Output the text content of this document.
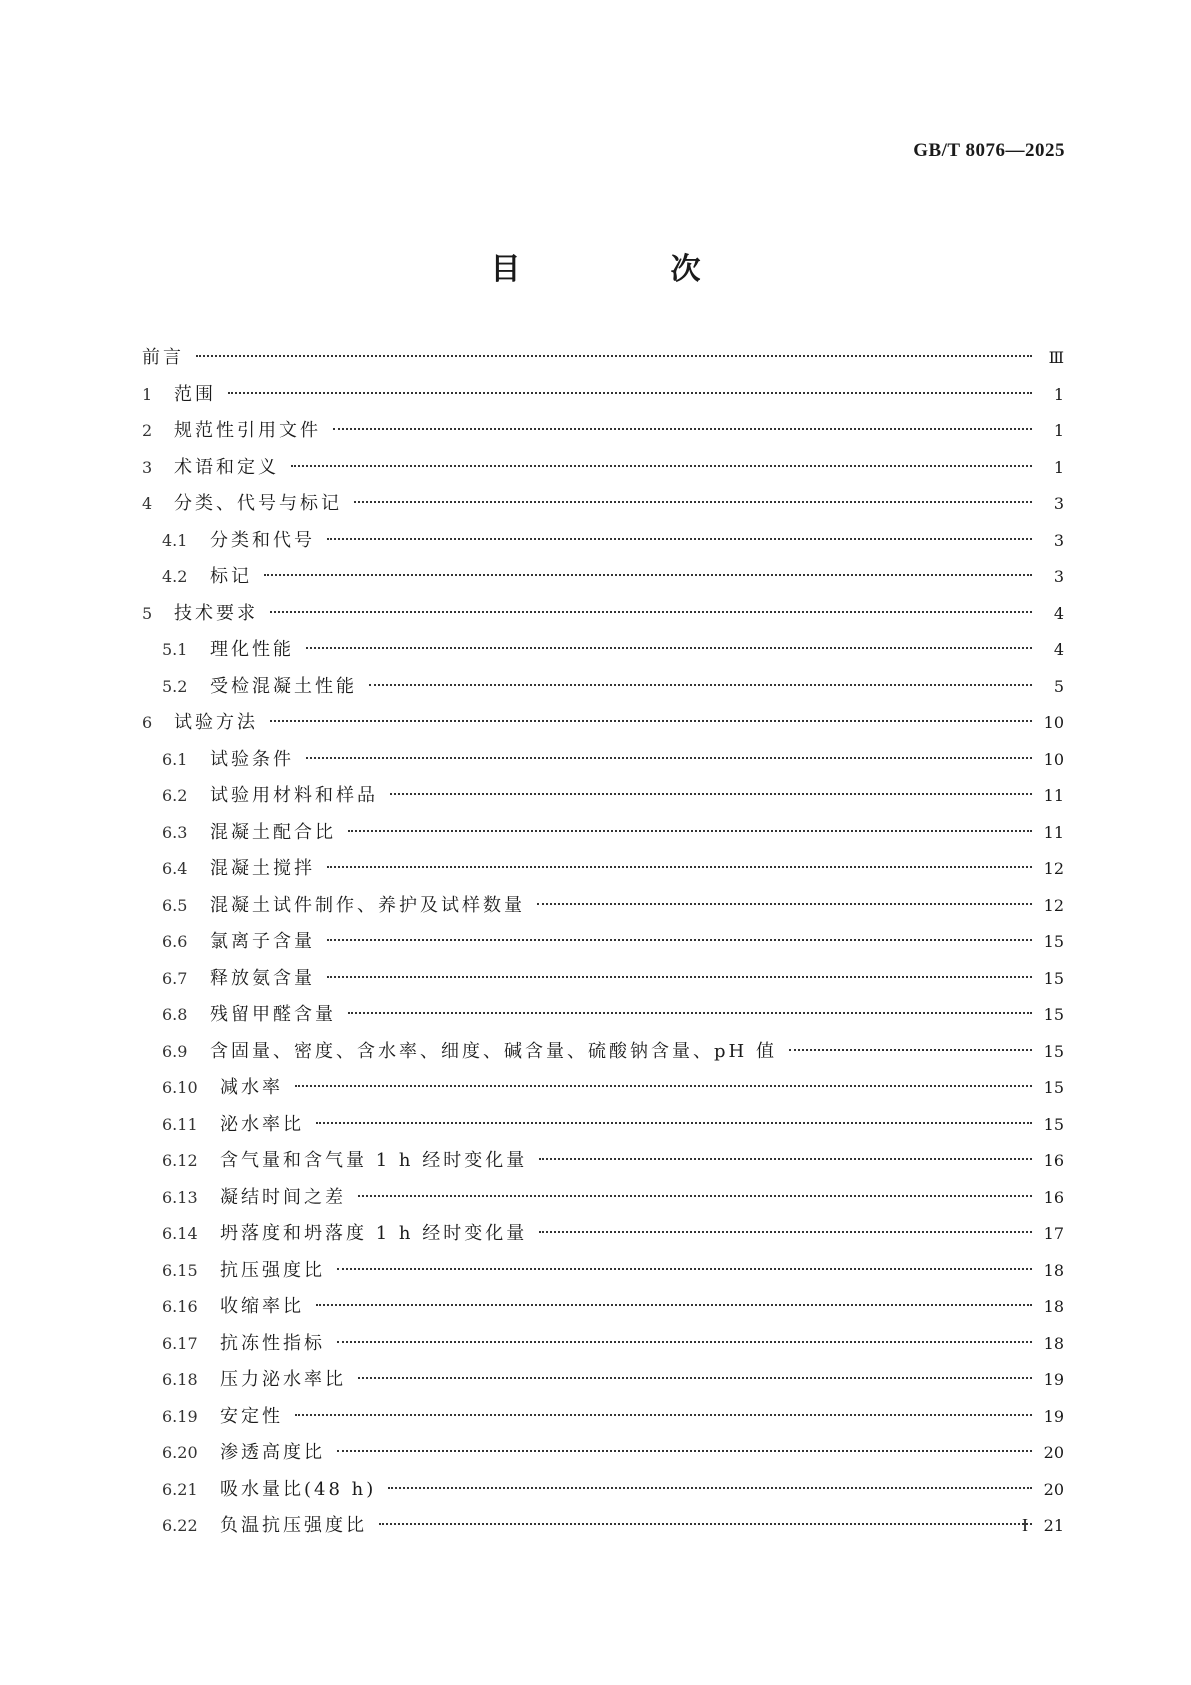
GB/T 8076—2025
目　次
前言	Ⅲ
1	范围	1
2	规范性引用文件	1
3	术语和定义	1
4	分类、代号与标记	3
4.1	分类和代号	3
4.2	标记	3
5	技术要求	4
5.1	理化性能	4
5.2	受检混凝土性能	5
6	试验方法	10
6.1	试验条件	10
6.2	试验用材料和样品	11
6.3	混凝土配合比	11
6.4	混凝土搅拌	12
6.5	混凝土试件制作、养护及试样数量	12
6.6	氯离子含量	15
6.7	释放氨含量	15
6.8	残留甲醛含量	15
6.9	含固量、密度、含水率、细度、碱含量、硫酸钠含量、pH 值	15
6.10	减水率	15
6.11	泌水率比	15
6.12	含气量和含气量 1 h 经时变化量	16
6.13	凝结时间之差	16
6.14	坍落度和坍落度 1 h 经时变化量	17
6.15	抗压强度比	18
6.16	收缩率比	18
6.17	抗冻性指标	18
6.18	压力泌水率比	19
6.19	安定性	19
6.20	渗透高度比	20
6.21	吸水量比(48 h)	20
6.22	负温抗压强度比	21
I
